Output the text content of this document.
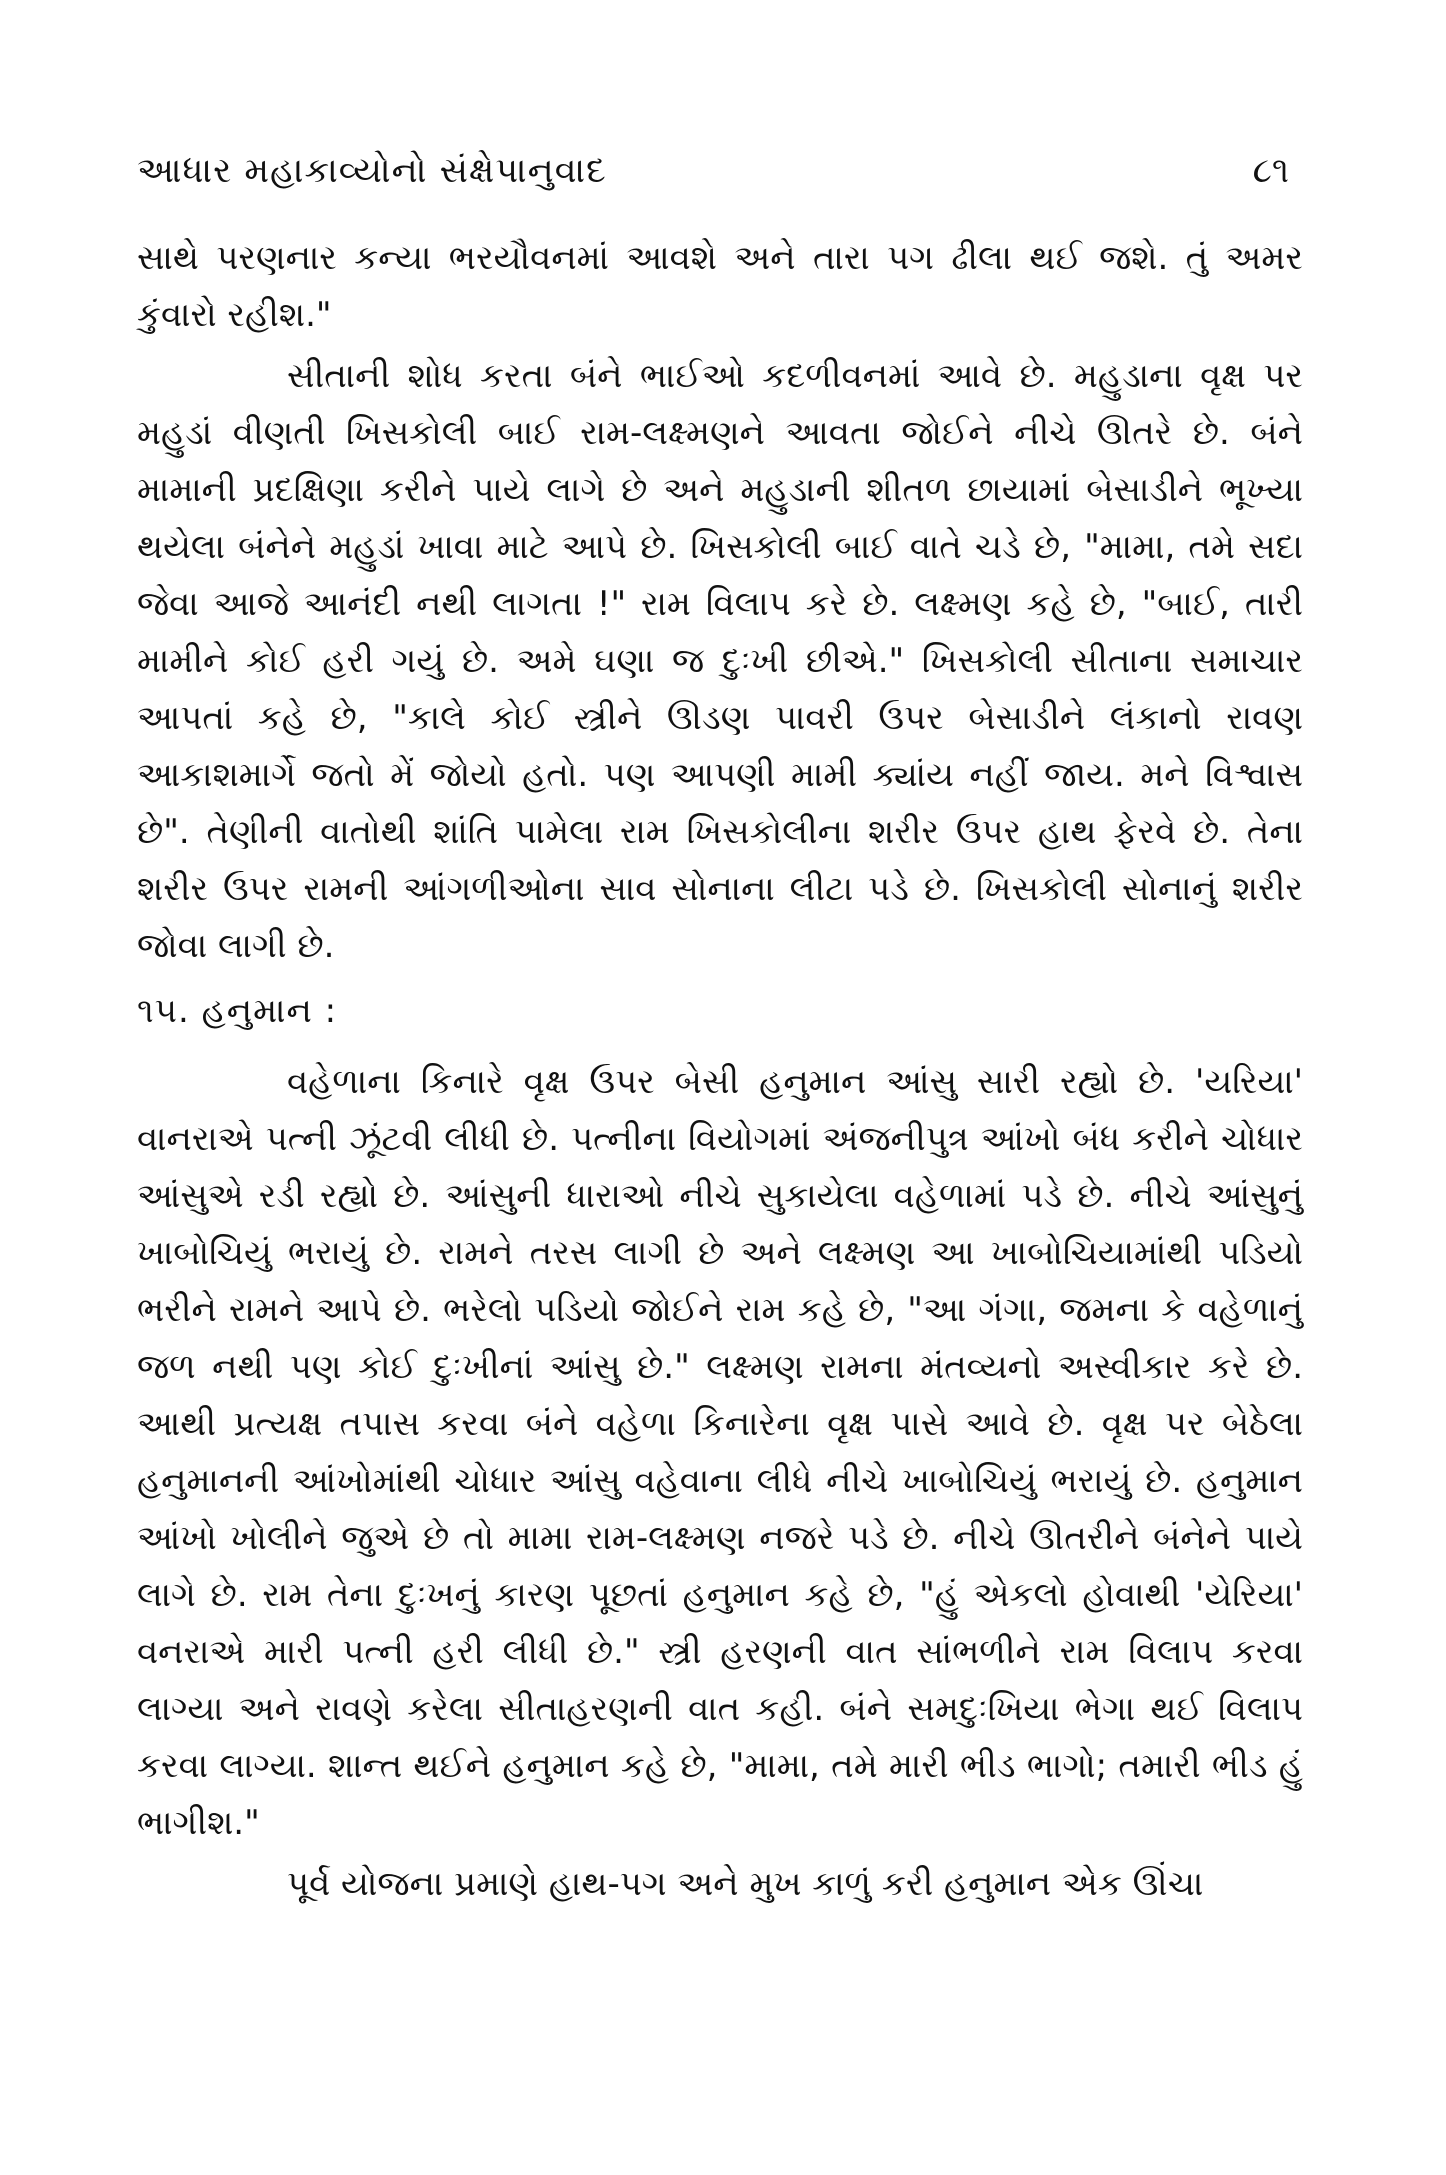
આધાર મહાકાવ્યોનો સંક્ષેપાનુવાદ	૮૧

સાથે પરણનાર કન્યા ભરયૌવનમાં આવશે અને તારા પગ ઢીલા થઈ જશે. તું અમર કુંવારો રહીશ."

સીતાની શોધ કરતા બંને ભાઈઓ કદળીવનમાં આવે છે. મહુડાના વૃક્ષ પર મહુડાં વીણતી ખિસકોલી બાઈ રામ-લક્ષ્મણને આવતા જોઈને નીચે ઊતરે છે. બંને મામાની પ્રદક્ષિણા કરીને પાયે લાગે છે અને મહુડાની શીતળ છાયામાં બેસાડીને ભૂખ્યા થયેલા બંનેને મહુડાં ખાવા માટે આપે છે. ખિસકોલી બાઈ વાતે ચડે છે, "મામા, તમે સદા જેવા આજે આનંદી નથી લાગતા !" રામ વિલાપ કરે છે. લક્ષ્મણ કહે છે, "બાઈ, તારી મામીને કોઈ હરી ગયું છે. અમે ઘણા જ દુઃખી છીએ." ખિસકોલી સીતાના સમાચાર આપતાં કહે છે, "કાલે કોઈ સ્ત્રીને ઊડણ પાવરી ઉપર બેસાડીને લંકાનો રાવણ આકાશમાર્ગે જતો મેં જોયો હતો. પણ આપણી મામી ક્યાંય નહીં જાય. મને વિશ્વાસ છે". તેણીની વાતોથી શાંતિ પામેલા રામ ખિસકોલીના શરીર ઉપર હાથ ફેરવે છે. તેના શરીર ઉપર રામની આંગળીઓના સાવ સોનાના લીટા પડે છે. ખિસકોલી સોનાનું શરીર જોવા લાગી છે.

૧૫. હનુમાન :

વહેળાના કિનારે વૃક્ષ ઉપર બેસી હનુમાન આંસુ સારી રહ્યો છે. 'યરિયા' વાનરાએ પત્ની ઝૂંટવી લીધી છે. પત્નીના વિયોગમાં અંજનીપુત્ર આંખો બંધ કરીને ચોધાર આંસુએ રડી રહ્યો છે. આંસુની ધારાઓ નીચે સુકાયેલા વહેળામાં પડે છે. નીચે આંસુનું ખાબોચિયું ભરાયું છે. રામને તરસ લાગી છે અને લક્ષ્મણ આ ખાબોચિયામાંથી પડિયો ભરીને રામને આપે છે. ભરેલો પડિયો જોઈને રામ કહે છે, "આ ગંગા, જમના કે વહેળાનું જળ નથી પણ કોઈ દુઃખીનાં આંસુ છે." લક્ષ્મણ રામના મંતવ્યનો અસ્વીકાર કરે છે. આથી પ્રત્યક્ષ તપાસ કરવા બંને વહેળા કિનારેના વૃક્ષ પાસે આવે છે. વૃક્ષ પર બેઠેલા હનુમાનની આંખોમાંથી ચોધાર આંસુ વહેવાના લીધે નીચે ખાબોચિયું ભરાયું છે. હનુમાન આંખો ખોલીને જુએ છે તો મામા રામ-લક્ષ્મણ નજરે પડે છે. નીચે ઊતરીને બંનેને પાયે લાગે છે. રામ તેના દુઃખનું કારણ પૂછતાં હનુમાન કહે છે, "હું એકલો હોવાથી 'યેરિયા' વનરાએ મારી પત્ની હરી લીધી છે." સ્ત્રી હરણની વાત સાંભળીને રામ વિલાપ કરવા લાગ્યા અને રાવણે કરેલા સીતાહરણની વાત કહી. બંને સમદુઃખિયા ભેગા થઈ વિલાપ કરવા લાગ્યા. શાન્ત થઈને હનુમાન કહે છે, "મામા, તમે મારી ભીડ ભાગો; તમારી ભીડ હું ભાગીશ."

પૂર્વ યોજના પ્રમાણે હાથ-પગ અને મુખ કાળું કરી હનુમાન એક ઊંચા
